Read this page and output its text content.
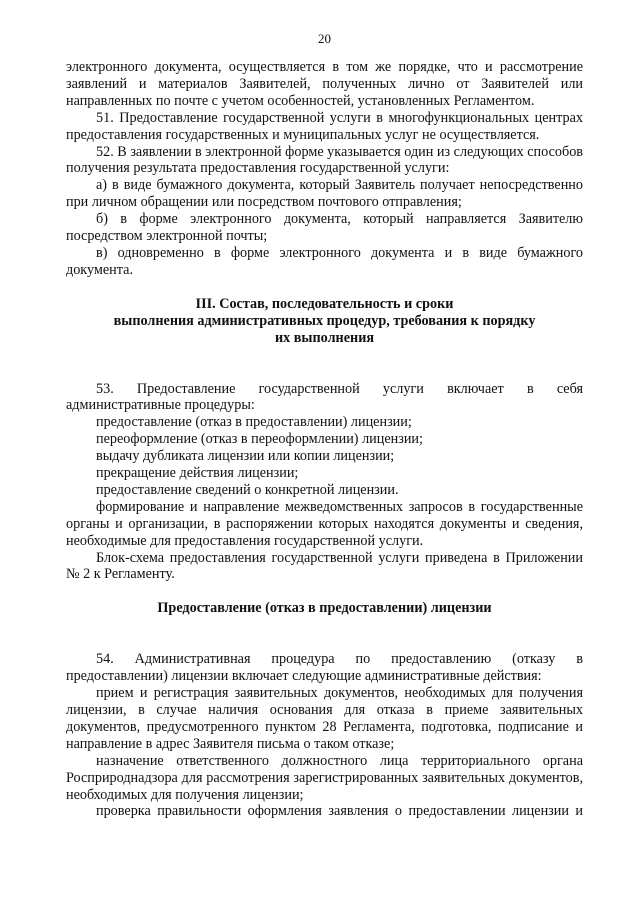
20

электронного документа, осуществляется в том же порядке, что и рассмотрение заявлений и материалов Заявителей, полученных лично от Заявителей или направленных по почте с учетом особенностей, установленных Регламентом.

51. Предоставление государственной услуги в многофункциональных центрах предоставления государственных и муниципальных услуг не осуществляется.

52. В заявлении в электронной форме указывается один из следующих способов получения результата предоставления государственной услуги:

а) в виде бумажного документа, который Заявитель получает непосредственно при личном обращении или посредством почтового отправления;

б) в форме электронного документа, который направляется Заявителю посредством электронной почты;

в) одновременно в форме электронного документа и в виде бумажного документа.

III. Состав, последовательность и сроки
выполнения административных процедур, требования к порядку
их выполнения

53. Предоставление государственной услуги включает в себя административные процедуры:

предоставление (отказ в предоставлении) лицензии;

переоформление (отказ в переоформлении) лицензии;

выдачу дубликата лицензии или копии лицензии;

прекращение действия лицензии;

предоставление сведений о конкретной лицензии.

формирование и направление межведомственных запросов в государственные органы и организации, в распоряжении которых находятся документы и сведения, необходимые для предоставления государственной услуги.

Блок-схема предоставления государственной услуги приведена в Приложении № 2 к Регламенту.

Предоставление (отказ в предоставлении) лицензии

54. Административная процедура по предоставлению (отказу в предоставлении) лицензии включает следующие административные действия:

прием и регистрация заявительных документов, необходимых для получения лицензии, в случае наличия основания для отказа в приеме заявительных документов, предусмотренного пунктом 28 Регламента, подготовка, подписание и направление в адрес Заявителя письма о таком отказе;

назначение ответственного должностного лица территориального органа Росприроднадзора для рассмотрения зарегистрированных заявительных документов, необходимых для получения лицензии;

проверка правильности оформления заявления о предоставлении лицензии и
